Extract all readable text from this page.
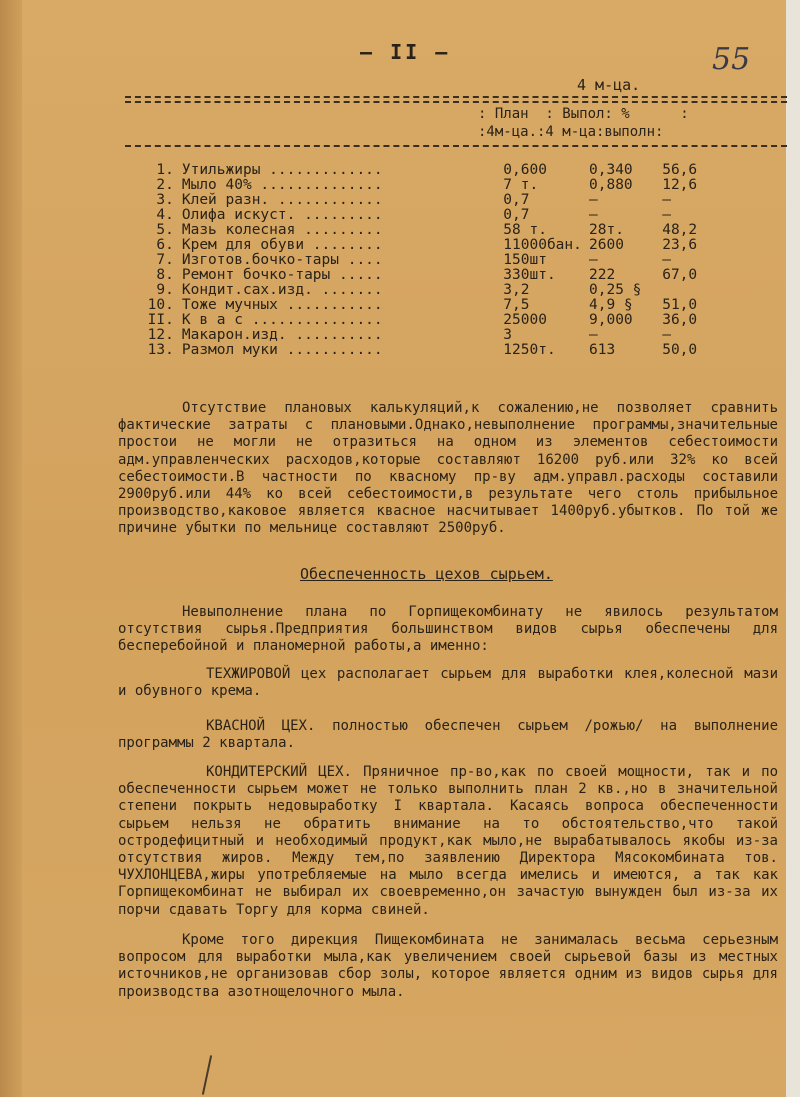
— II —	55
4 м-ца.
: План  : Выпол: %      :
:4м-ца.:4 м-ца:выполн:
1.	Утильжиры .............	0,600	0,340	56,6
2.	Мыло 40% ..............	7 т.	0,880	12,6
3.	Клей разн. ............	0,7	—	—
4.	Олифа искуст. .........	0,7	—	—
5.	Мазь колесная .........	58 т.	28т.	48,2
6.	Крем для обуви ........	11000бан.	2600	23,6
7.	Изготов.бочко-тары ....	150шт	—	—
8.	Ремонт бочко-тары .....	330шт.	222	67,0
9.	Кондит.сах.изд. .......	3,2	0,25 §	
10.	Тоже мучных ...........	7,5	4,9 §	51,0
II.	К в а с ...............	25000	9,000	36,0
12.	Макарон.изд. ..........	3	—	—
13.	Размол муки ...........	1250т.	613	50,0
Отсутствие плановых калькуляций,к сожалению,не позволяет сравнить фактические затраты с плановыми.Однако,невыполнение программы,значительные простои не могли не отразиться на одном из элементов себестоимости адм.управленческих расходов,которые составляют 16200 руб.или 32% ко всей себестоимости.В частности по квасному пр-ву адм.управл.расходы составили 2900руб.или 44% ко всей себестоимости,в результате чего столь прибыльное производство,каковое является квасное насчитывает 1400руб.убытков. По той же причине убытки по мельнице составляют 2500руб.
Обеспеченность цехов сырьем.
Невыполнение плана по Горпищекомбинату не явилось результатом отсутствия сырья.Предприятия большинством видов сырья обеспечены для бесперебойной и планомерной работы,а именно:
ТЕХЖИРОВОЙ цех располагает сырьем для выработки клея,колесной мази и обувного крема.
КВАСНОЙ ЦЕХ. полностью обеспечен сырьем /рожью/ на выполнение программы 2 квартала.
КОНДИТЕРСКИЙ ЦЕХ. Пряничное пр-во,как по своей мощности, так и по обеспеченности сырьем может не только выполнить план 2 кв.,но в значительной степени покрыть недовыработку I квартала. Касаясь вопроса обеспеченности сырьем нельзя не обратить внимание на то обстоятельство,что такой остродефицитный и необходимый продукт,как мыло,не вырабатывалось якобы из-за отсутствия жиров. Между тем,по заявлению Директора Мясокомбината тов. ЧУХЛОНЦЕВА,жиры употребляемые на мыло всегда имелись и имеются, а так как Горпищекомбинат не выбирал их своевременно,он зачастую вынужден был из-за их порчи сдавать Торгу для корма свиней.
Кроме того дирекция Пищекомбината не занималась весьма серьезным вопросом для выработки мыла,как увеличением своей сырьевой базы из местных источников,не организовав сбор золы, которое является одним из видов сырья для производства азотнощелочного мыла.
